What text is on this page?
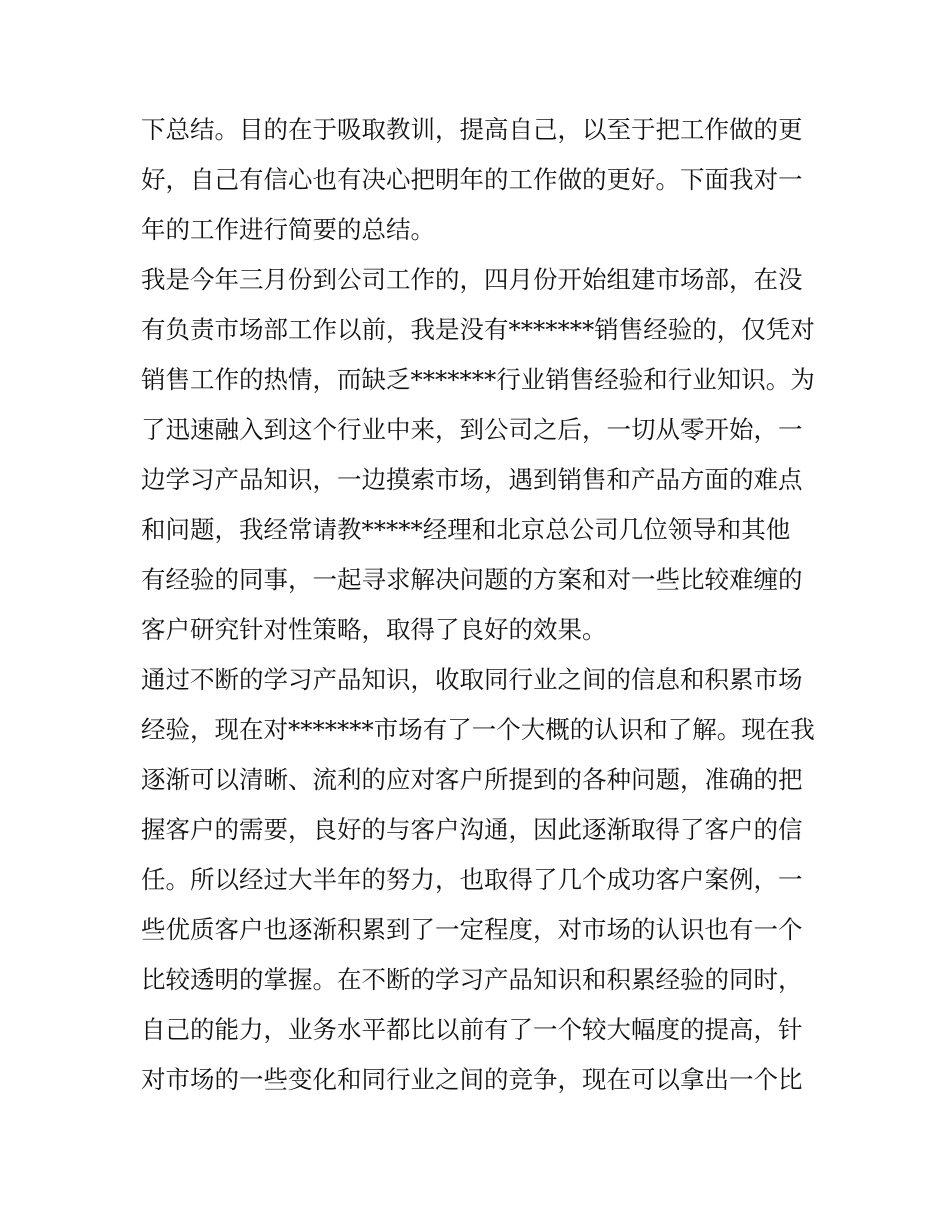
下总结。目的在于吸取教训，提高自己，以至于把工作做的更
好，自己有信心也有决心把明年的工作做的更好。下面我对一
年的工作进行简要的总结。
我是今年三月份到公司工作的，四月份开始组建市场部，在没
有负责市场部工作以前，我是没有*******销售经验的，仅凭对
销售工作的热情，而缺乏*******行业销售经验和行业知识。为
了迅速融入到这个行业中来，到公司之后，一切从零开始，一
边学习产品知识，一边摸索市场，遇到销售和产品方面的难点
和问题，我经常请教*****经理和北京总公司几位领导和其他
有经验的同事，一起寻求解决问题的方案和对一些比较难缠的
客户研究针对性策略，取得了良好的效果。
通过不断的学习产品知识，收取同行业之间的信息和积累市场
经验，现在对*******市场有了一个大概的认识和了解。现在我
逐渐可以清晰、流利的应对客户所提到的各种问题，准确的把
握客户的需要，良好的与客户沟通，因此逐渐取得了客户的信
任。所以经过大半年的努力，也取得了几个成功客户案例，一
些优质客户也逐渐积累到了一定程度，对市场的认识也有一个
比较透明的掌握。在不断的学习产品知识和积累经验的同时，
自己的能力，业务水平都比以前有了一个较大幅度的提高，针
对市场的一些变化和同行业之间的竞争，现在可以拿出一个比
